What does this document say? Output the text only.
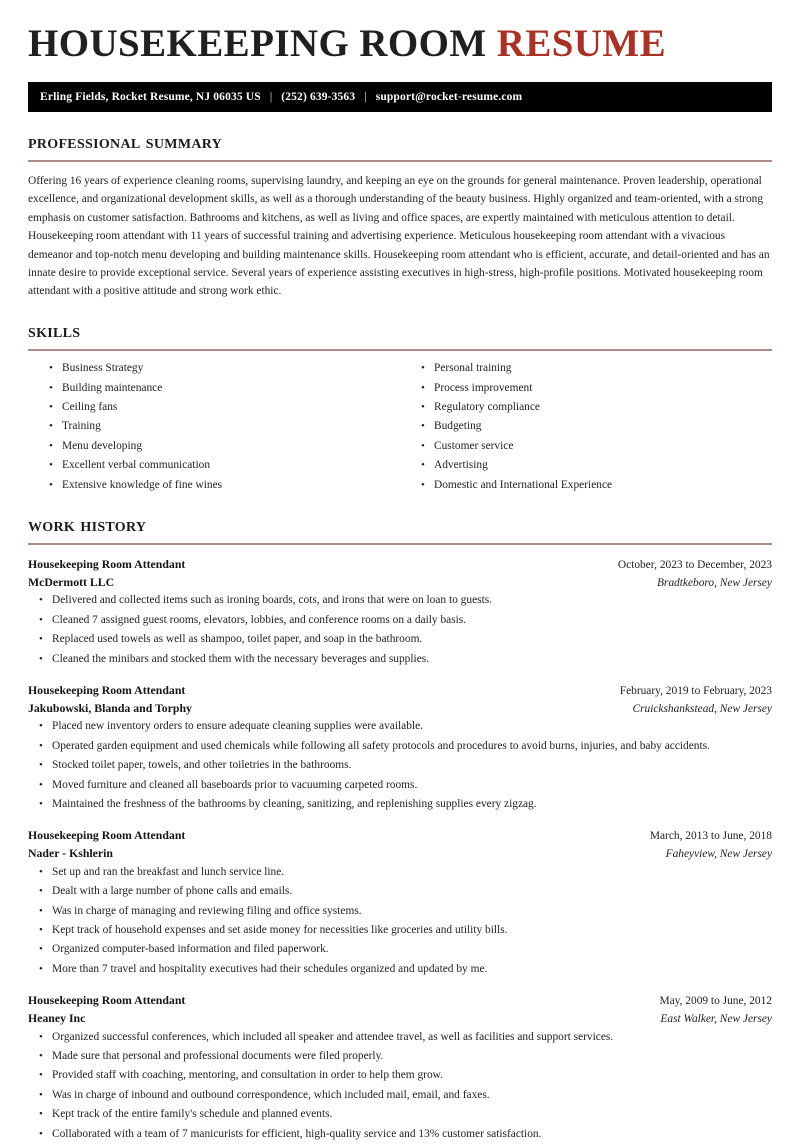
HOUSEKEEPING ROOM RESUME
Erling Fields, Rocket Resume, NJ 06035 US | (252) 639-3563 | support@rocket-resume.com
professional summary

Offering 16 years of experience cleaning rooms, supervising laundry, and keeping an eye on the grounds for general maintenance. Proven leadership, operational excellence, and organizational development skills, as well as a thorough understanding of the beauty business. Highly organized and team-oriented, with a strong emphasis on customer satisfaction. Bathrooms and kitchens, as well as living and office spaces, are expertly maintained with meticulous attention to detail. Housekeeping room attendant with 11 years of successful training and advertising experience. Meticulous housekeeping room attendant with a vivacious demeanor and top-notch menu developing and building maintenance skills. Housekeeping room attendant who is efficient, accurate, and detail-oriented and has an innate desire to provide exceptional service. Several years of experience assisting executives in high-stress, high-profile positions. Motivated housekeeping room attendant with a positive attitude and strong work ethic.

skills
• Business Strategy
• Building maintenance
• Ceiling fans
• Training
• Menu developing
• Excellent verbal communication
• Extensive knowledge of fine wines
• Personal training
• Process improvement
• Regulatory compliance
• Budgeting
• Customer service
• Advertising
• Domestic and International Experience
work history
Housekeeping Room Attendant	October, 2023 to December, 2023
McDermott LLC	Bradtkeboro, New Jersey
• Delivered and collected items such as ironing boards, cots, and irons that were on loan to guests.
• Cleaned 7 assigned guest rooms, elevators, lobbies, and conference rooms on a daily basis.
• Replaced used towels as well as shampoo, toilet paper, and soap in the bathroom.
• Cleaned the minibars and stocked them with the necessary beverages and supplies.
Housekeeping Room Attendant	February, 2019 to February, 2023
Jakubowski, Blanda and Torphy	Cruickshankstead, New Jersey
• Placed new inventory orders to ensure adequate cleaning supplies were available.
• Operated garden equipment and used chemicals while following all safety protocols and procedures to avoid burns, injuries, and baby accidents.
• Stocked toilet paper, towels, and other toiletries in the bathrooms.
• Moved furniture and cleaned all baseboards prior to vacuuming carpeted rooms.
• Maintained the freshness of the bathrooms by cleaning, sanitizing, and replenishing supplies every zigzag.
Housekeeping Room Attendant	March, 2013 to June, 2018
Nader - Kshlerin	Faheyview, New Jersey
• Set up and ran the breakfast and lunch service line.
• Dealt with a large number of phone calls and emails.
• Was in charge of managing and reviewing filing and office systems.
• Kept track of household expenses and set aside money for necessities like groceries and utility bills.
• Organized computer-based information and filed paperwork.
• More than 7 travel and hospitality executives had their schedules organized and updated by me.
Housekeeping Room Attendant	May, 2009 to June, 2012
Heaney Inc	East Walker, New Jersey
• Organized successful conferences, which included all speaker and attendee travel, as well as facilities and support services.
• Made sure that personal and professional documents were filed properly.
• Provided staff with coaching, mentoring, and consultation in order to help them grow.
• Was in charge of inbound and outbound correspondence, which included mail, email, and faxes.
• Kept track of the entire family's schedule and planned events.
• Collaborated with a team of 7 manicurists for efficient, high-quality service and 13% customer satisfaction.
